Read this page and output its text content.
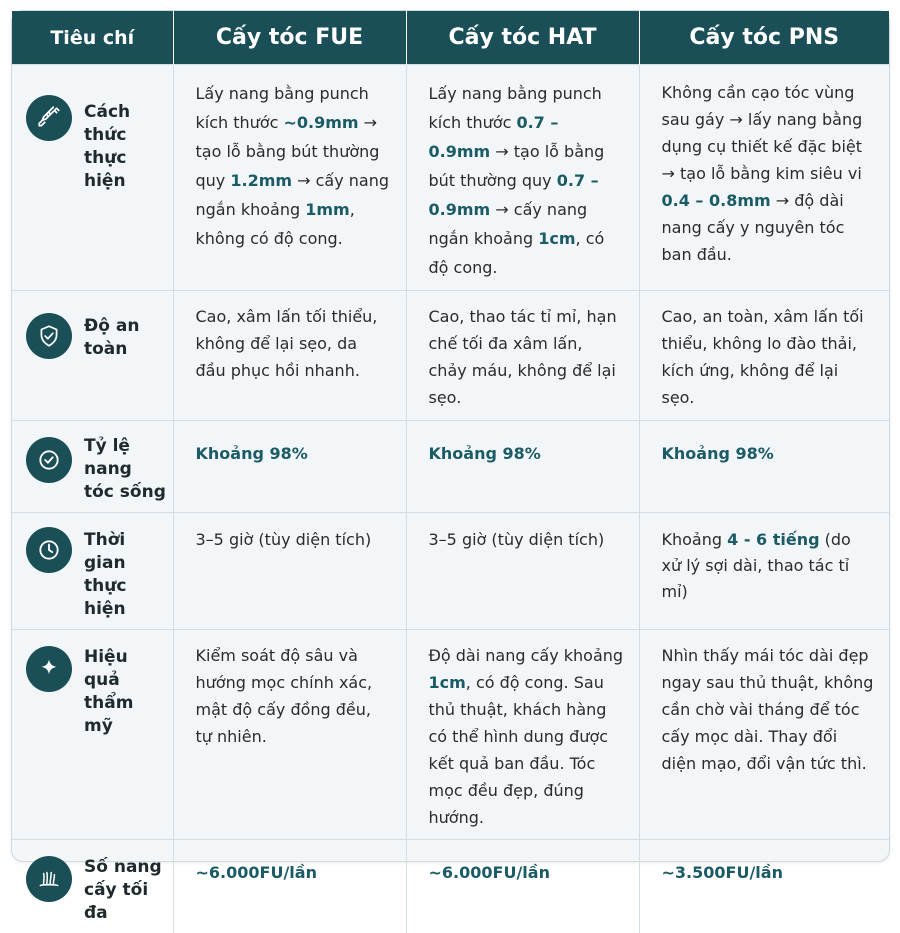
Tiêu chí	Cấy tóc FUE	Cấy tóc HAT	Cấy tóc PNS

Cách thức thực hiện	Lấy nang bằng punch kích thước ~0.9mm → tạo lỗ bằng bút thường quy 1.2mm → cấy nang ngắn khoảng 1mm, không có độ cong.	Lấy nang bằng punch kích thước 0.7 – 0.9mm → tạo lỗ bằng bút thường quy 0.7 – 0.9mm → cấy nang ngắn khoảng 1cm, có độ cong.	Không cần cạo tóc vùng sau gáy → lấy nang bằng dụng cụ thiết kế đặc biệt → tạo lỗ bằng kim siêu vi 0.4 – 0.8mm → độ dài nang cấy y nguyên tóc ban đầu.

Độ an toàn	Cao, xâm lấn tối thiểu, không để lại sẹo, da đầu phục hồi nhanh.	Cao, thao tác tỉ mỉ, hạn chế tối đa xâm lấn, chảy máu, không để lại sẹo.	Cao, an toàn, xâm lấn tối thiểu, không lo đào thải, kích ứng, không để lại sẹo.

Tỷ lệ nang tóc sống	Khoảng 98%	Khoảng 98%	Khoảng 98%

Thời gian thực hiện	3–5 giờ (tùy diện tích)	3–5 giờ (tùy diện tích)	Khoảng 4 - 6 tiếng (do xử lý sợi dài, thao tác tỉ mỉ)

Hiệu quả thẩm mỹ	Kiểm soát độ sâu và hướng mọc chính xác, mật độ cấy đồng đều, tự nhiên.	Độ dài nang cấy khoảng 1cm, có độ cong. Sau thủ thuật, khách hàng có thể hình dung được kết quả ban đầu. Tóc mọc đều đẹp, đúng hướng.	Nhìn thấy mái tóc dài đẹp ngay sau thủ thuật, không cần chờ vài tháng để tóc cấy mọc dài. Thay đổi diện mạo, đổi vận tức thì.

Số nang cấy tối đa	~6.000FU/lần	~6.000FU/lần	~3.500FU/lần
